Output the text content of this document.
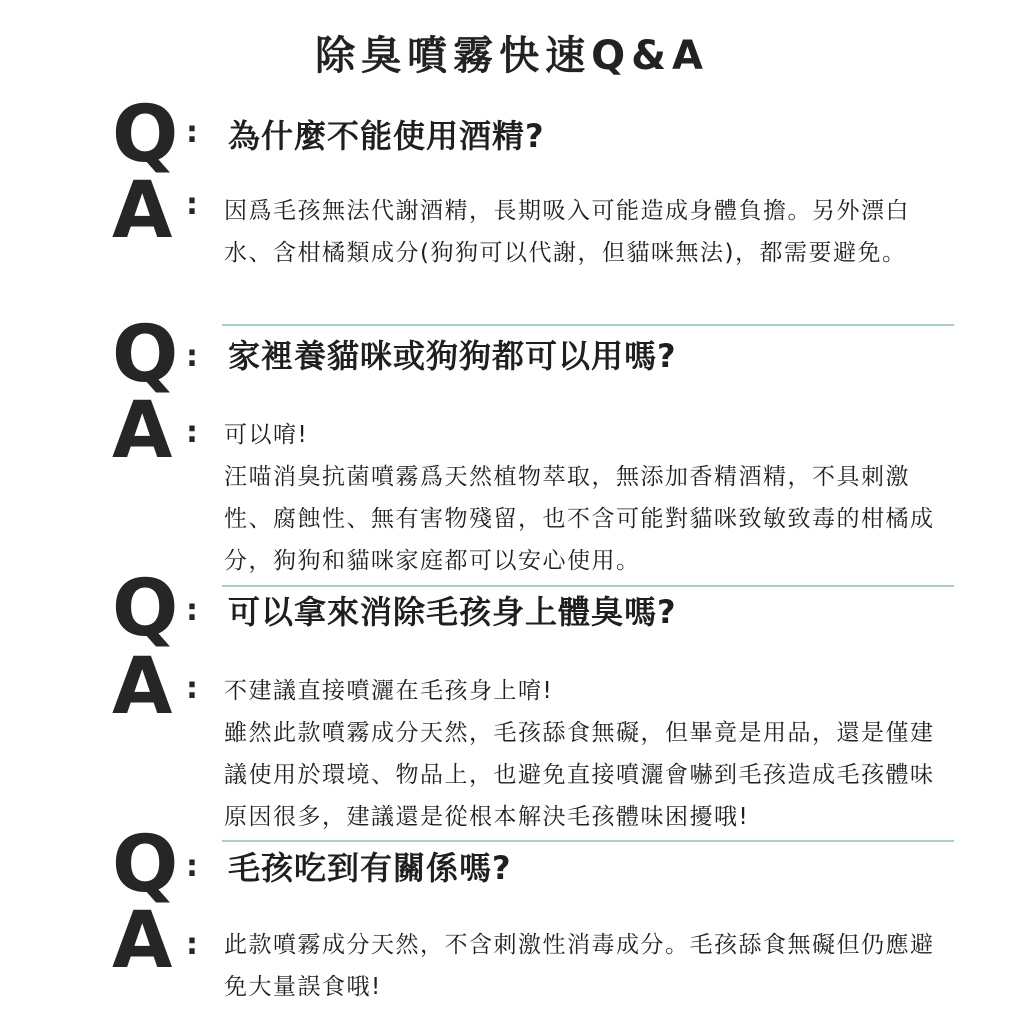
除臭噴霧快速Q&A
Q : 為什麼不能使用酒精?
A : 因爲毛孩無法代謝酒精，長期吸入可能造成身體負擔。另外漂白水、含柑橘類成分(狗狗可以代謝，但貓咪無法)，都需要避免。

Q : 家裡養貓咪或狗狗都可以用嗎?
A : 可以唷!

汪喵消臭抗菌噴霧爲天然植物萃取，無添加香精酒精，不具刺激性、腐蝕性、無有害物殘留，也不含可能對貓咪致敏致毒的柑橘成分，狗狗和貓咪家庭都可以安心使用。

Q : 可以拿來消除毛孩身上體臭嗎?
A : 不建議直接噴灑在毛孩身上唷!

雖然此款噴霧成分天然，毛孩舔食無礙，但畢竟是用品，還是僅建議使用於環境、物品上，也避免直接噴灑會嚇到毛孩造成毛孩體味原因很多，建議還是從根本解決毛孩體味困擾哦!

Q : 毛孩吃到有關係嗎?
A : 此款噴霧成分天然，不含刺激性消毒成分。毛孩舔食無礙但仍應避免大量誤食哦!
